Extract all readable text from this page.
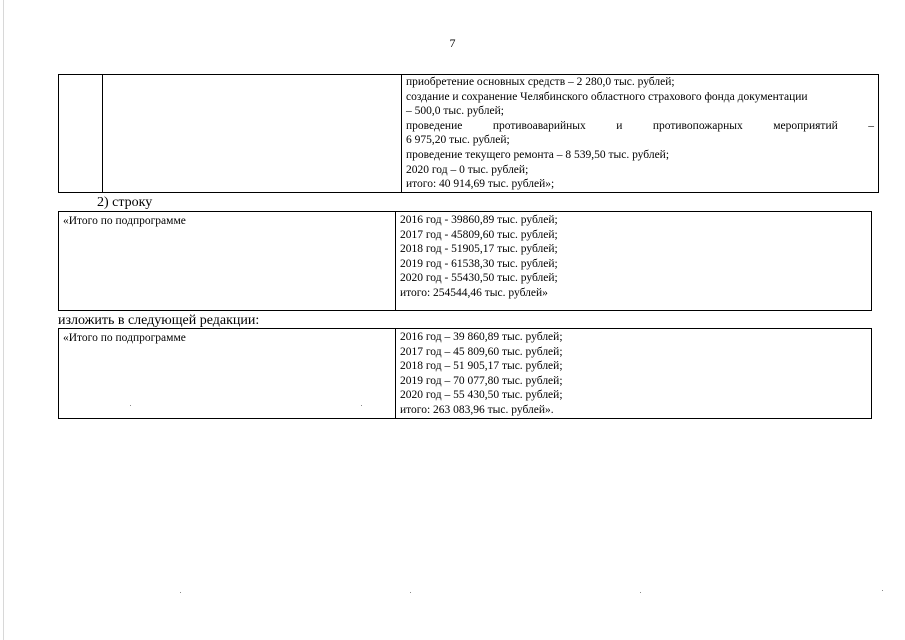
7

приобретение основных средств – 2 280,0 тыс. рублей;
создание и сохранение Челябинского областного страхового фонда документации
– 500,0 тыс. рублей;
проведение	противоаварийных	и	противопожарных	мероприятий	–
6 975,20 тыс. рублей;
проведение текущего ремонта – 8 539,50 тыс. рублей;
2020 год – 0 тыс. рублей;
итого: 40 914,69 тыс. рублей»;
2) строку
«Итого по подпрограмме	2016 год - 39860,89 тыс. рублей;
2017 год - 45809,60 тыс. рублей;
2018 год - 51905,17 тыс. рублей;
2019 год - 61538,30 тыс. рублей;
2020 год - 55430,50 тыс. рублей;
итого: 254544,46 тыс. рублей»
изложить в следующей редакции:
«Итого по подпрограмме	2016 год – 39 860,89 тыс. рублей;
2017 год – 45 809,60 тыс. рублей;
2018 год – 51 905,17 тыс. рублей;
2019 год – 70 077,80 тыс. рублей;
2020 год – 55 430,50 тыс. рублей;
итого: 263 083,96 тыс. рублей».
